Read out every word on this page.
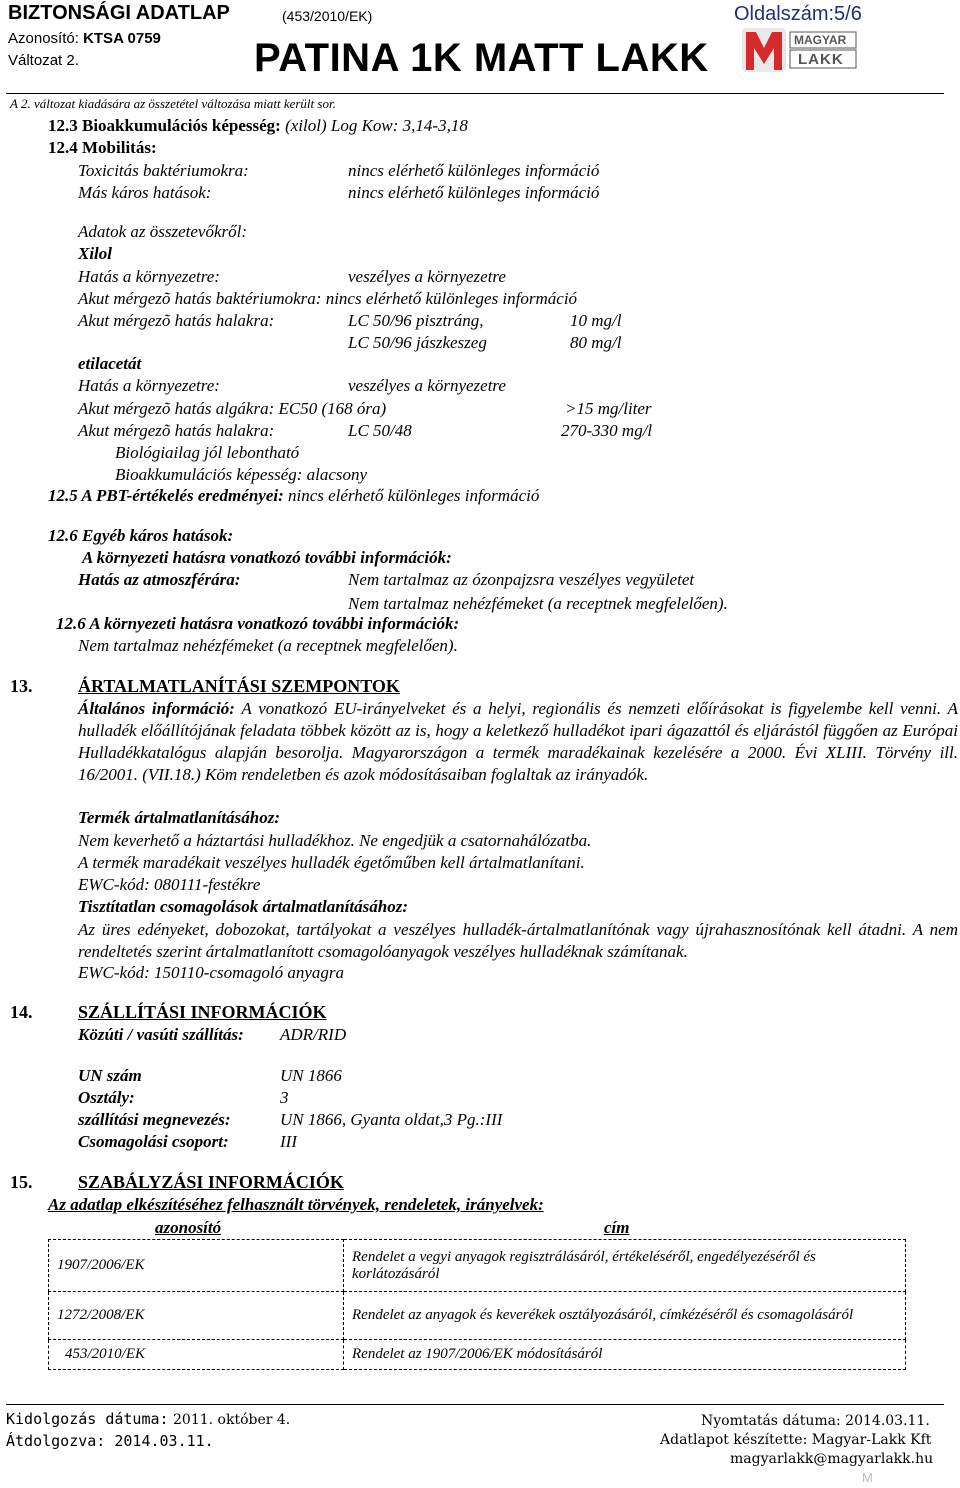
BIZTONSÁGI ADATLAP	(453/2010/EK)	Oldalszám:5/6
Azonosító: KTSA 0759
Változat 2.	PATINA 1K MATT LAKK	MAGYAR
LAKK
A 2. változat kiadására az összetétel változása miatt került sor.
12.3 Bioakkumulációs képesség: (xilol) Log Kow: 3,14-3,18
12.4 Mobilitás:
Toxicitás baktériumokra:	nincs elérhető különleges információ
Más káros hatások:	nincs elérhető különleges információ
Adatok az összetevőkről:
Xilol
Hatás a környezetre:	veszélyes a környezetre
Akut mérgezõ hatás baktériumokra: nincs elérhető különleges információ
Akut mérgezõ hatás halakra:	LC 50/96 pisztráng,	10 mg/l
LC 50/96 jászkeszeg	80 mg/l
etilacetát
Hatás a környezetre:	veszélyes a környezetre
Akut mérgezõ hatás algákra: EC50 (168 óra)	>15 mg/liter
Akut mérgezõ hatás halakra:	LC 50/48	270-330 mg/l
Biológiailag jól lebontható
Bioakkumulációs képesség: alacsony
12.5 A PBT-értékelés eredményei: nincs elérhető különleges információ
12.6 Egyéb káros hatások:
A környezeti hatásra vonatkozó további információk:
Hatás az atmoszférára:	Nem tartalmaz az ózonpajzsra veszélyes vegyületet
Nem tartalmaz nehézfémeket (a receptnek megfelelően).
12.6 A környezeti hatásra vonatkozó további információk:
Nem tartalmaz nehézfémeket (a receptnek megfelelően).
13.	ÁRTALMATLANÍTÁSI SZEMPONTOK
Általános információ: A vonatkozó EU-irányelveket és a helyi, regionális és nemzeti előírásokat is figyelembe kell venni. A hulladék előállítójának feladata többek között az is, hogy a keletkező hulladékot ipari ágazattól és eljárástól függően az Európai Hulladékkatalógus alapján besorolja. Magyarországon a termék maradékainak kezelésére a 2000. Évi XLIII. Törvény ill. 16/2001. (VII.18.) Köm rendeletben és azok módosításaiban foglaltak az irányadók.
Termék ártalmatlanításához:
Nem keverhető a háztartási hulladékhoz. Ne engedjük a csatornahálózatba.
A termék maradékait veszélyes hulladék égetőműben kell ártalmatlanítani.
EWC-kód: 080111-festékre
Tisztítatlan csomagolások ártalmatlanításához:
Az üres edényeket, dobozokat, tartályokat a veszélyes hulladék-ártalmatlanítónak vagy újrahasznosítónak kell átadni. A nem rendeltetés szerint ártalmatlanított csomagolóanyagok veszélyes hulladéknak számítanak.
EWC-kód: 150110-csomagoló anyagra
14.	SZÁLLÍTÁSI INFORMÁCIÓK
Közúti / vasúti szállítás: ADR/RID
UN szám	UN 1866
Osztály:	3
szállítási megnevezés:	UN 1866, Gyanta oldat,3 Pg.:III
Csomagolási csoport:	III
15.	SZABÁLYZÁSI INFORMÁCIÓK
Az adatlap elkészítéséhez felhasznált törvények, rendeletek, irányelvek:
azonosító	cím
1907/2006/EK	Rendelet a vegyi anyagok regisztrálásáról, értékeléséről, engedélyezéséről és korlátozásáról
1272/2008/EK	Rendelet az anyagok és keverékek osztályozásáról, címkézéséről és csomagolásáról
453/2010/EK	Rendelet az 1907/2006/EK módosításáról
Kidolgozás dátuma: 2011. október 4.
Átdolgozva: 2014.03.11.
Nyomtatás dátuma: 2014.03.11.
Adatlapot készítette: Magyar-Lakk Kft
magyarlakk@magyarlakk.hu
M
